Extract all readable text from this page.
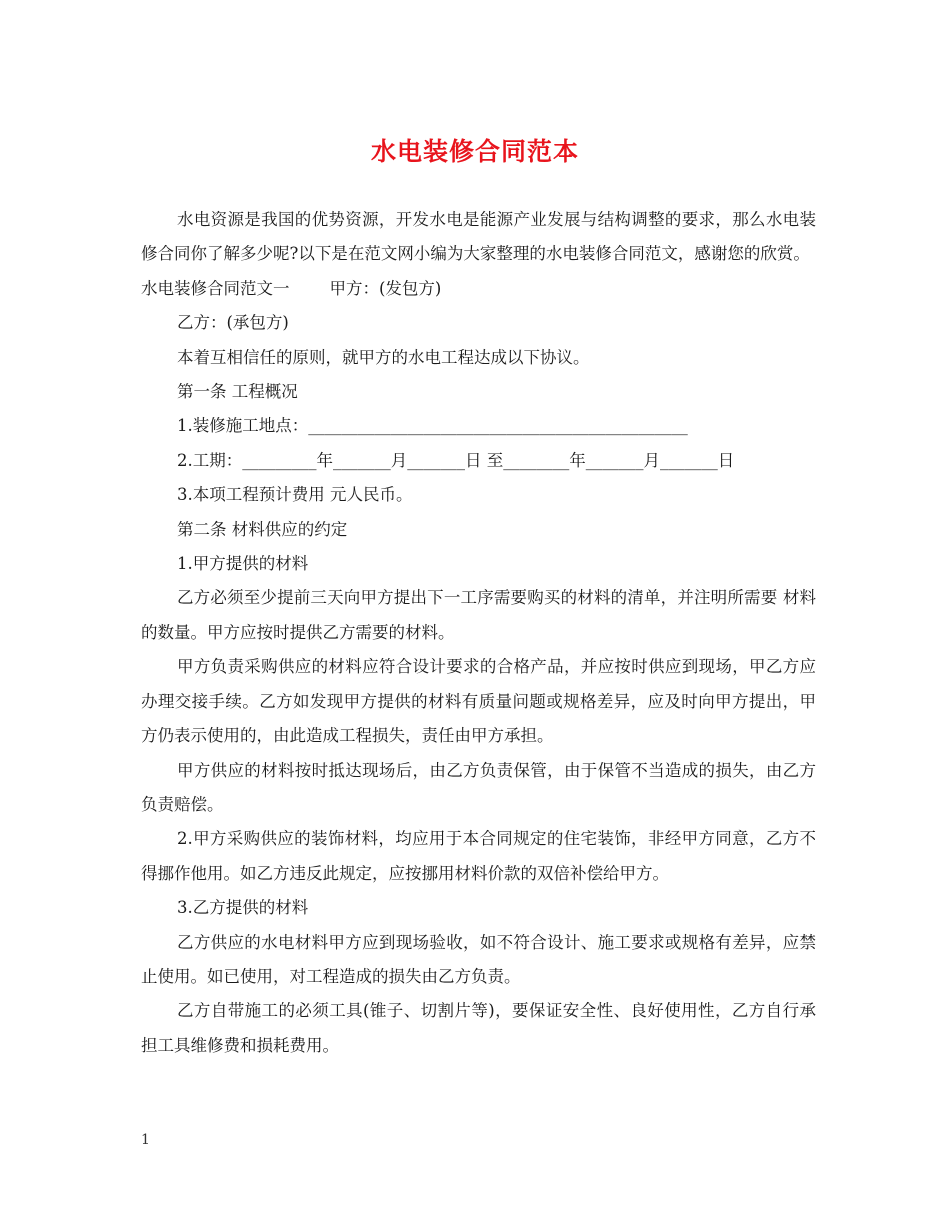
水电装修合同范本

水电资源是我国的优势资源，开发水电是能源产业发展与结构调整的要求，那么水电装修合同你了解多少呢?以下是在范文网小编为大家整理的水电装修合同范文，感谢您的欣赏。

水电装修合同范文一 甲方：(发包方)

乙方：(承包方)

本着互相信任的原则，就甲方的水电工程达成以下协议。

第一条 工程概况

1.装修施工地点：______________________________________________

2.工期：_________年_______月_______日 至________年_______月_______日

3.本项工程预计费用 元人民币。

第二条 材料供应的约定

1.甲方提供的材料

乙方必须至少提前三天向甲方提出下一工序需要购买的材料的清单，并注明所需要 材料的数量。甲方应按时提供乙方需要的材料。

甲方负责采购供应的材料应符合设计要求的合格产品，并应按时供应到现场，甲乙方应办理交接手续。乙方如发现甲方提供的材料有质量问题或规格差异，应及时向甲方提出，甲方仍表示使用的，由此造成工程损失，责任由甲方承担。

甲方供应的材料按时抵达现场后，由乙方负责保管，由于保管不当造成的损失，由乙方负责赔偿。

2.甲方采购供应的装饰材料，均应用于本合同规定的住宅装饰，非经甲方同意，乙方不得挪作他用。如乙方违反此规定，应按挪用材料价款的双倍补偿给甲方。

3.乙方提供的材料

乙方供应的水电材料甲方应到现场验收，如不符合设计、施工要求或规格有差异，应禁止使用。如已使用，对工程造成的损失由乙方负责。

乙方自带施工的必须工具(锥子、切割片等)，要保证安全性、良好使用性，乙方自行承担工具维修费和损耗费用。

1
